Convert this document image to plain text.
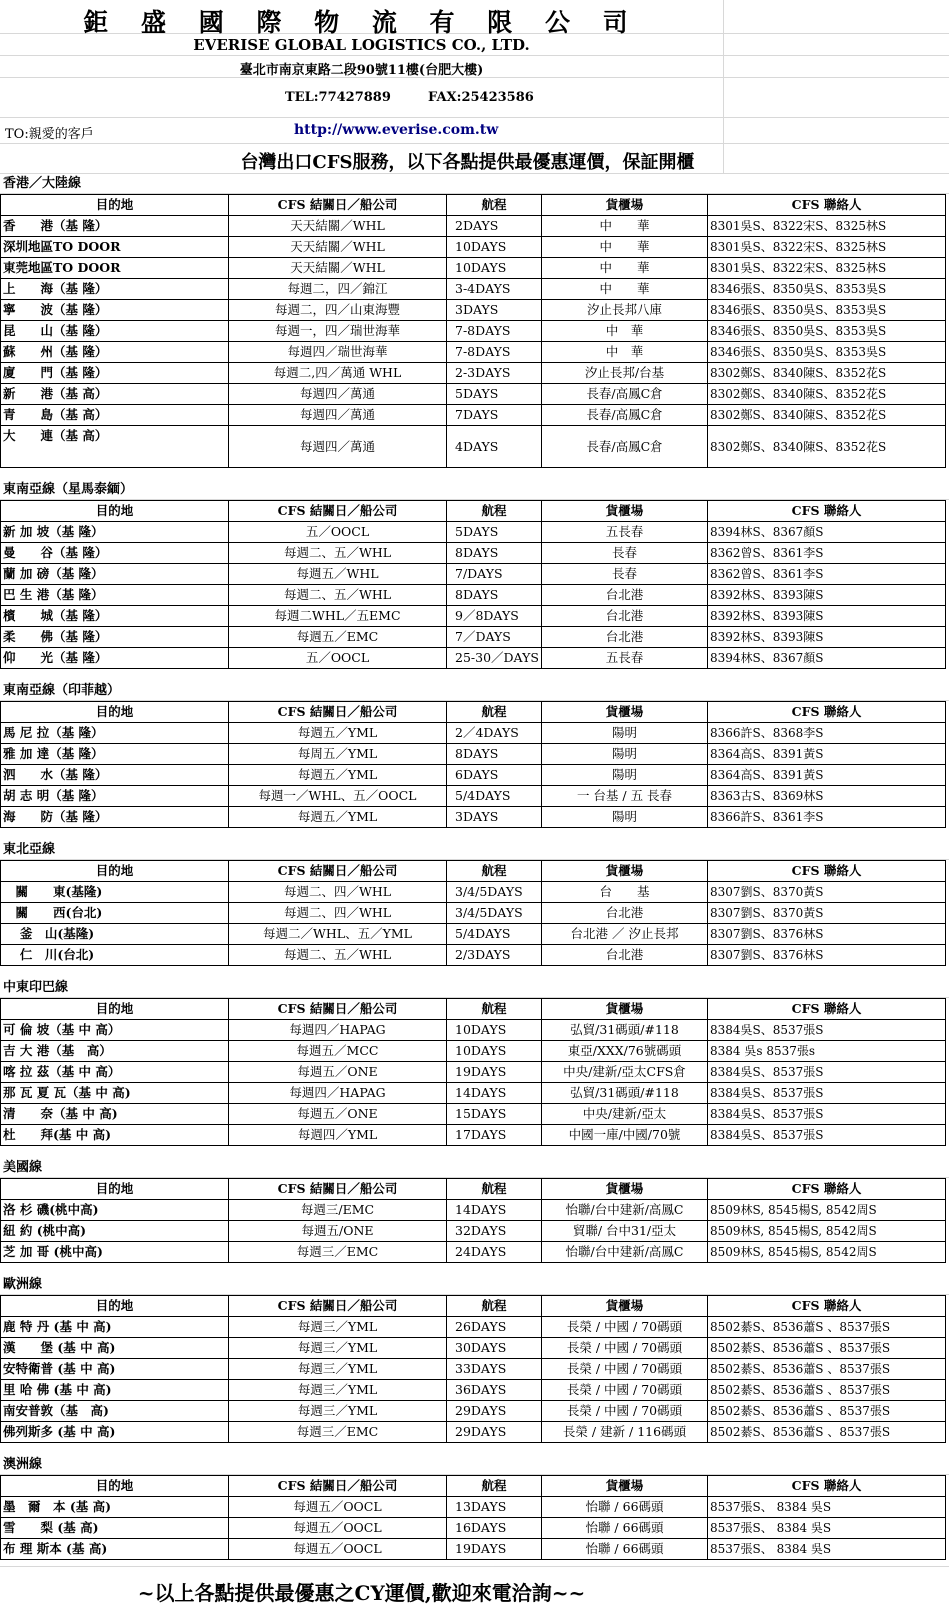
鉅 盛 國 際 物 流 有 限 公 司
EVERISE GLOBAL LOGISTICS CO., LTD.
臺北市南京東路二段90號11樓(台肥大樓)
TEL:77427889	FAX:25423586
TO:親愛的客戶	http://www.everise.com.tw
台灣出口CFS服務，以下各點提供最優惠運價，保証開櫃
香港／大陸線
目的地	CFS 結關日／船公司	航程	貨櫃場	CFS 聯絡人
香　　港（基 隆）	天天結關／WHL	2DAYS	中　　華	8301吳S、8322宋S、8325林S
深圳地區TO DOOR	天天結關／WHL	10DAYS	中　　華	8301吳S、8322宋S、8325林S
東莞地區TO DOOR	天天結關／WHL	10DAYS	中　　華	8301吳S、8322宋S、8325林S
上　　海（基 隆）	每週二，四／錦江	3-4DAYS	中　　華	8346張S、8350吳S、8353吳S
寧　　波（基 隆）	每週二，四／山東海豐	3DAYS	汐止長邦八庫	8346張S、8350吳S、8353吳S
昆　　山（基 隆）	每週一，四／瑞世海華	7-8DAYS	中　華	8346張S、8350吳S、8353吳S
蘇　　州（基 隆）	每週四／瑞世海華	7-8DAYS	中　華	8346張S、8350吳S、8353吳S
廈　　門（基 隆）	每週二,四／萬通 WHL	2-3DAYS	汐止長邦/台基	8302鄭S、8340陳S、8352花S
新　　港（基 高）	每週四／萬通	5DAYS	長春/高鳳C倉	8302鄭S、8340陳S、8352花S
青　　島（基 高）	每週四／萬通	7DAYS	長春/高鳳C倉	8302鄭S、8340陳S、8352花S
大　　連（基 高）	每週四／萬通	4DAYS	長春/高鳳C倉	8302鄭S、8340陳S、8352花S
東南亞線（星馬泰緬）
目的地	CFS 結關日／船公司	航程	貨櫃場	CFS 聯絡人
新 加 坡（基 隆）	五／OOCL	5DAYS	五長春	8394林S、8367顏S
曼　　谷（基 隆）	每週二、五／WHL	8DAYS	長春	8362曾S、8361李S
蘭 加 磅（基 隆）	每週五／WHL	7/DAYS	長春	8362曾S、8361李S
巴 生 港（基 隆）	每週二、五／WHL	8DAYS	台北港	8392林S、8393陳S
檳　　城（基 隆）	每週二WHL／五EMC	9／8DAYS	台北港	8392林S、8393陳S
柔　　佛（基 隆）	每週五／EMC	7／DAYS	台北港	8392林S、8393陳S
仰　　光（基 隆）	五／OOCL	25-30／DAYS	五長春	8394林S、8367顏S
東南亞線（印菲越）
目的地	CFS 結關日／船公司	航程	貨櫃場	CFS 聯絡人
馬 尼 拉（基 隆）	每週五／YML	2／4DAYS	陽明	8366許S、8368李S
雅 加 達（基 隆）	每周五／YML	8DAYS	陽明	8364高S、8391黃S
泗　　水（基 隆）	每週五／YML	6DAYS	陽明	8364高S、8391黃S
胡 志 明（基 隆）	每週一／WHL、五／OOCL	5/4DAYS	一 台基 / 五 長春	8363古S、8369林S
海　　防（基 隆）	每週五／YML	3DAYS	陽明	8366許S、8361李S
東北亞線
目的地	CFS 結關日／船公司	航程	貨櫃場	CFS 聯絡人
　關　　東(基隆)	每週二、四／WHL	3/4/5DAYS	台　　基	8307劉S、8370黃S
　關　　西(台北)	每週二、四／WHL	3/4/5DAYS	台北港	8307劉S、8370黃S
　 釜　山(基隆)	每週二／WHL、五／YML	5/4DAYS	台北港 ／ 汐止長邦	8307劉S、8376林S
　 仁　川(台北)	每週二、五／WHL	2/3DAYS	台北港	8307劉S、8376林S
中東印巴線
目的地	CFS 結關日／船公司	航程	貨櫃場	CFS 聯絡人
可 倫 坡（基 中 高）	每週四／HAPAG	10DAYS	弘貿/31碼頭/#118	8384吳S、8537張S
吉 大 港（基　高）	每週五／MCC	10DAYS	東亞/XXX/76號碼頭	8384 吳s 8537張s
喀 拉 茲（基 中 高）	每週五／ONE	19DAYS	中央/建新/亞太CFS倉	8384吳S、8537張S
那 瓦 夏 瓦（基 中 高)	每週四／HAPAG	14DAYS	弘貿/31碼頭/#118	8384吳S、8537張S
清　　奈（基 中 高)	每週五／ONE	15DAYS	中央/建新/亞太	8384吳S、8537張S
杜　　拜(基 中 高)	每週四／YML	17DAYS	中國一庫/中國/70號	8384吳S、8537張S
美國線
目的地	CFS 結關日／船公司	航程	貨櫃場	CFS 聯絡人
洛 杉 磯(桃中高)	每週三/EMC	14DAYS	怡聯/台中建新/高鳳C	8509林S, 8545楊S, 8542周S
紐 約 (桃中高)	每週五/ONE	32DAYS	貿聯/ 台中31/亞太	8509林S, 8545楊S, 8542周S
芝 加 哥 (桃中高)	每週三／EMC	24DAYS	怡聯/台中建新/高鳳C	8509林S, 8545楊S, 8542周S
歐洲線
目的地	CFS 結關日／船公司	航程	貨櫃場	CFS 聯絡人
鹿 特 丹 (基 中 高)	每週三／YML	26DAYS	長榮 / 中國 / 70碼頭	8502綦S、8536蕭S 、8537張S
漢　　堡 (基 中 高)	每週三／YML	30DAYS	長榮 / 中國 / 70碼頭	8502綦S、8536蕭S 、8537張S
安特衛普 (基 中 高)	每週三／YML	33DAYS	長榮 / 中國 / 70碼頭	8502綦S、8536蕭S 、8537張S
里 哈 佛 (基 中 高)	每週三／YML	36DAYS	長榮 / 中國 / 70碼頭	8502綦S、8536蕭S 、8537張S
南安普敦（基　高)	每週三／YML	29DAYS	長榮 / 中國 / 70碼頭	8502綦S、8536蕭S 、8537張S
佛列斯多 (基 中 高)	每週三／EMC	29DAYS	長榮 / 建新 / 116碼頭	8502綦S、8536蕭S 、8537張S
澳洲線
目的地	CFS 結關日／船公司	航程	貨櫃場	CFS 聯絡人
墨　爾　本 (基 高)	每週五／OOCL	13DAYS	怡聯 / 66碼頭	8537張S、 8384 吳S
雪　　梨 (基 高)	每週五／OOCL	16DAYS	怡聯 / 66碼頭	8537張S、 8384 吳S
布 理 斯本 (基 高)	每週五／OOCL	19DAYS	怡聯 / 66碼頭	8537張S、 8384 吳S
~以上各點提供最優惠之CY運價,歡迎來電洽詢~~
